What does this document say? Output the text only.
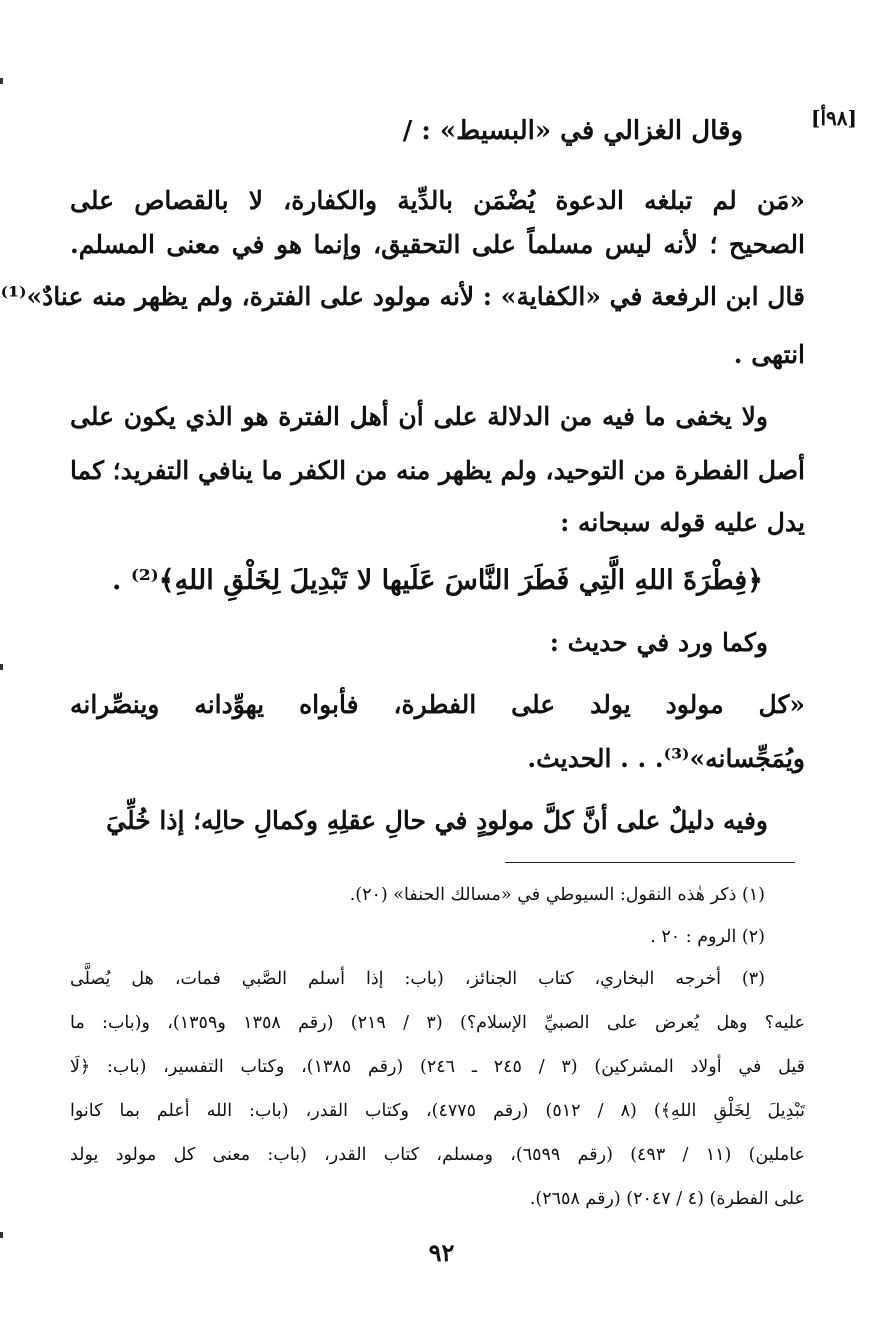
[٩٨أ]
وقال الغزالي في «البسيط» : /
«مَن لم تبلغه الدعوة يُضْمَن بالدِّية والكفارة، لا بالقصاص على
الصحيح ؛ لأنه ليس مسلماً على التحقيق، وإنما هو في معنى المسلم.
قال ابن الرفعة في «الكفاية» : لأنه مولود على الفترة، ولم يظهر منه عنادٌ»⁽¹⁾
انتهى .
ولا يخفى ما فيه من الدلالة على أن أهل الفترة هو الذي يكون على
أصل الفطرة من التوحيد، ولم يظهر منه من الكفر ما ينافي التفريد؛ كما
يدل عليه قوله سبحانه :
﴿فِطْرَةَ اللهِ الَّتِي فَطَرَ النَّاسَ عَلَيها لا تَبْدِيلَ لِخَلْقِ اللهِ﴾⁽²⁾ .
وكما ورد في حديث :
«كل مولود يولد على الفطرة، فأبواه يهوِّدانه وينصِّرانه
ويُمَجِّسانه»⁽³⁾. . . الحديث.
وفيه دليلٌ على أنَّ كلَّ مولودٍ في حالِ عقلِهِ وكمالِ حالِه؛ إذا خُلِّيَ
(١) ذكر هٰذه النقول: السيوطي في «مسالك الحنفا» (٢٠).
(٢) الروم : ٢٠ .
(٣) أخرجه البخاري، كتاب الجنائز، (باب: إذا أسلم الصَّبي فمات، هل يُصلَّى
عليه؟ وهل يُعرض على الصبيِّ الإسلام؟) (٣ / ٢١٩) (رقم ١٣٥٨ و١٣٥٩)، و(باب: ما
قيل في أولاد المشركين) (٣ / ٢٤٥ ـ ٢٤٦) (رقم ١٣٨٥)، وكتاب التفسير، (باب: ﴿لَا
تَبْدِيلَ لِخَلْقِ اللهِ﴾) (٨ / ٥١٢) (رقم ٤٧٧٥)، وكتاب القدر، (باب: الله أعلم بما كانوا
عاملين) (١١ / ٤٩٣) (رقم ٦٥٩٩)، ومسلم، كتاب القدر، (باب: معنى كل مولود يولد
على الفطرة) (٤ / ٢٠٤٧) (رقم ٢٦٥٨).
٩٢
